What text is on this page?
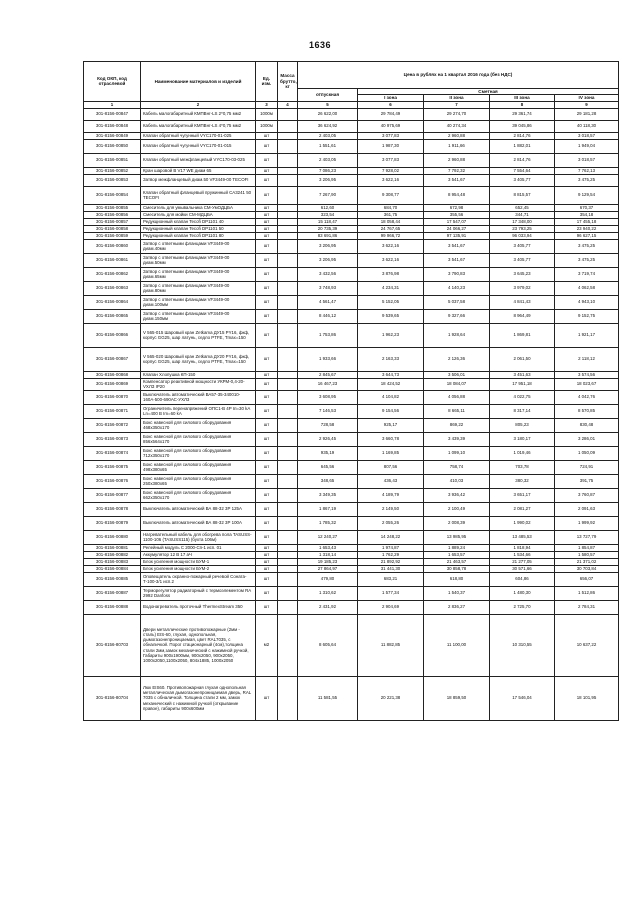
1636
Код ОКП, код отраслевой	Наименование материалов и изделий	Ед. изм.	Масса брутто, кг	Цена в рублях на 1 квартал 2016 года (без НДС)				
				отпускная	Сметная			
					I зона	II зона	III зона	IV зона
1	2	3	4	5	6	7	8	9
301-8156-00847	Кабель малогабаритный КМПВнг-LS 2*0,75 мм2	1000м		26 622,00	29 784,49	29 274,70	29 361,74	29 181,28
301-8156-00848	Кабель малогабаритный КМПВнг-LS 4*0,75 мм2	1000м		36 624,92	40 975,69	40 274,34	39 045,86	40 118,30
301-8156-00849	Клапан обратный чугунный VYC170-01-025	шт		2 403,05	3 077,83	2 960,88	2 814,76	3 018,57
301-8156-00850	Клапан обратный чугунный VYC170-01-015	шт		1 551,61	1 987,30	1 911,66	1 882,01	1 949,04
301-8156-00851	Клапан обратный межфланцевый VYC170-03-025	шт		2 403,05	3 077,83	2 960,88	2 814,76	3 018,57
301-8156-00852	Кран шаровой В V17 WE диам 65	шт		7 086,23	7 928,02	7 792,32	7 554,64	7 762,13
301-8156-00853	Затвор межфланцевый диам.50 VF3449-00 TECOFI	шт		3 206,95	3 622,16	3 541,67	3 405,77	3 475,25
301-8156-00854	Клапан обратный фланцевый пружинный CA3241 50 TECOFI	шт		7 267,90	9 308,77	8 954,48	8 815,57	9 129,54
301-8156-00855	Смеситель для умывальника СМ-УмОДЦБА	шт		612,60	684,70	672,98	652,45	670,37
301-8156-00856	Смеситель для мойки СМ-МДЦБА	шт		323,54	361,75	355,56	344,71	354,18
301-8156-00857	Редукционный клапан Tecofi DP1101 40	шт		15 118,47	18 058,44	17 547,07	17 348,00	17 455,18
301-8156-00858	Редукционный клапан Tecofi DP1101 50	шт		20 735,39	24 767,65	24 066,27	23 793,25	23 940,22
301-8156-00859	Редукционный клапан Tecofi DP1101 80	шт		83 691,86	99 966,72	97 135,91	96 033,94	96 627,15
301-8156-00860	Затвор с ответными фланцами VF3449-00 диам.40мм	шт		3 206,95	3 622,16	3 541,67	3 405,77	3 475,25
301-8156-00861	Затвор с ответными фланцами VF3449-00 диам.50мм	шт		3 206,95	3 622,16	3 541,67	3 405,77	3 475,25
301-8156-00862	Затвор с ответными фланцами VF3449-00 диам.65мм	шт		3 432,56	3 876,98	3 790,83	3 645,23	3 719,74
301-8156-00863	Затвор с ответными фланцами VF3449-00 диам.80мм	шт		3 748,93	4 234,31	4 140,23	3 979,02	4 062,58
301-8156-00864	Затвор с ответными фланцами VF3449-00 диам.100мм	шт		4 561,47	5 152,05	5 037,58	4 841,43	4 943,10
301-8156-00865	Затвор с ответными фланцами VF3449-00 диам.150мм	шт		8 446,12	9 539,65	9 327,66	8 964,49	9 152,75
301-8156-00866	V 565-015 Шаровый кран Zetkama ДУ15 PY16, фкф, корпус GG25, шар латунь, седло PTFE, Tmax=150	шт		1 753,86	1 962,23	1 928,64	1 869,81	1 921,17
301-8156-00867	V 565-020 Шаровый кран Zetkama ДУ20 PY16, фкф, корпус GG25, шар латунь, седло PTFE, Tmax=150	шт		1 933,66	2 163,33	2 126,36	2 061,50	2 118,12
301-8156-00868	Клапан Хлопушка КП-150	шт		2 845,67	3 644,73	3 506,01	3 451,63	3 574,56
301-8156-00869	Компенсатор реактивной мощности УКРМ-0,4-20-VXЛЗ IP20	шт		16 467,23	18 424,52	18 084,07	17 951,18	18 023,67
301-8156-00870	Выключатель автоматический ВА57-35-340010-160А-500-690АС-УХЛ3	шт		3 608,95	4 104,82	4 056,88	4 022,75	4 042,76
301-8156-00871	Ограничитель перенапряжений ОПС1-В 4Р Iп=30 kA Ln=400 В Im=60 kA	шт		7 146,53	9 154,56	8 665,11	8 317,14	8 570,85
301-8156-00872	Бокс навесной для силового оборудования 468х350х170	шт		728,58	925,17	869,22	805,23	830,48
301-8156-00873	Бокс навесной для силового оборудования 856х564х170	шт		2 926,45	3 660,78	3 439,39	3 180,17	3 286,01
301-8156-00874	Бокс навесной для силового оборудования 712х350х170	шт		935,19	1 169,85	1 099,10	1 019,46	1 050,09
301-8156-00875	Бокс навесной для силового оборудования 498х380х65	шт		645,56	807,56	758,74	703,78	724,91
301-8156-00876	Бокс навесной для силового оборудования 250х380х65	шт		348,65	436,43	410,03	380,32	391,75
301-8156-00877	Бокс навесной для силового оборудования 662х350х170	шт		3 349,35	4 189,79	3 936,42	3 651,17	3 760,87
301-8156-00878	Выключатель автоматический ВА 88-32 3Р 125А	шт		1 867,19	2 149,50	2 100,49	2 081,27	2 091,63
301-8156-00879	Выключатель автоматический ВА 88-32 3Р 100А	шт		1 785,32	2 055,26	2 008,39	1 990,02	1 999,92
301-8156-00880	Нагревательный кабель для обогрева пола TASUSS-1100-106 (TASUSS115) (бухта 106м)	шт		12 240,27	14 248,22	13 985,95	13 485,53	13 727,79
301-8156-00881	Релейный модуль С 2000-Сп-1 исп. 01	шт		1 653,43	1 974,87	1 889,24	1 818,94	1 854,87
301-8156-00882	Аккумулятор 12 В 17 аЧ	шт		1 318,14	1 762,29	1 653,57	1 534,66	1 580,57
301-8156-00883	Блок усиления мощности БУМ-1	шт		19 185,23	21 892,92	21 463,57	21 277,05	21 371,02
301-8156-00884	Блок усиления мощности БУМ-2	шт		27 864,97	31 441,30	30 858,78	30 571,66	30 703,84
301-8156-00885	Оповещатель охранно-пожарный речевой Соната-Т-100-3/1 исп.2	шт		479,80	683,21	618,80	604,86	656,07
301-8156-00887	Терморегулятор радиаторный с термоэлементом RA 2992 Danfoss	шт		1 310,62	1 577,34	1 540,37	1 480,30	1 512,86
301-8156-00888	Водонагреватель проточный ThermexStream 350	шт		2 431,92	2 904,69	2 836,27	2 725,70	2 784,31
301-8156-80703	Двери металлические противопожарные (2мм - сталь) EIS-60, глухая, однопольная, дымогазонепроницаемая, цвет RAL7035, с обналичкой. Порог стационарный (4см),толщина стали 2мм,замок механический с нажимной ручкой, Габариты 900х1900мм, 900х2050, 900х2050, 1000х2050,1100х2050, 804х1885, 1000х2050	м2		8 605,64	11 882,85	11 100,00	10 310,55	10 637,22
301-8156-80704	Люк EIS60. Противопожарная глухая однопольная металлическая дымогазонепроницаемая дверь, RAL 7035 с обналичкой. Толщина стали 2 мм, замок механический с нажимной ручкой (открывание правое), габариты 900х600мм	шт		11 581,55	20 221,38	18 859,50	17 546,04	18 101,95
